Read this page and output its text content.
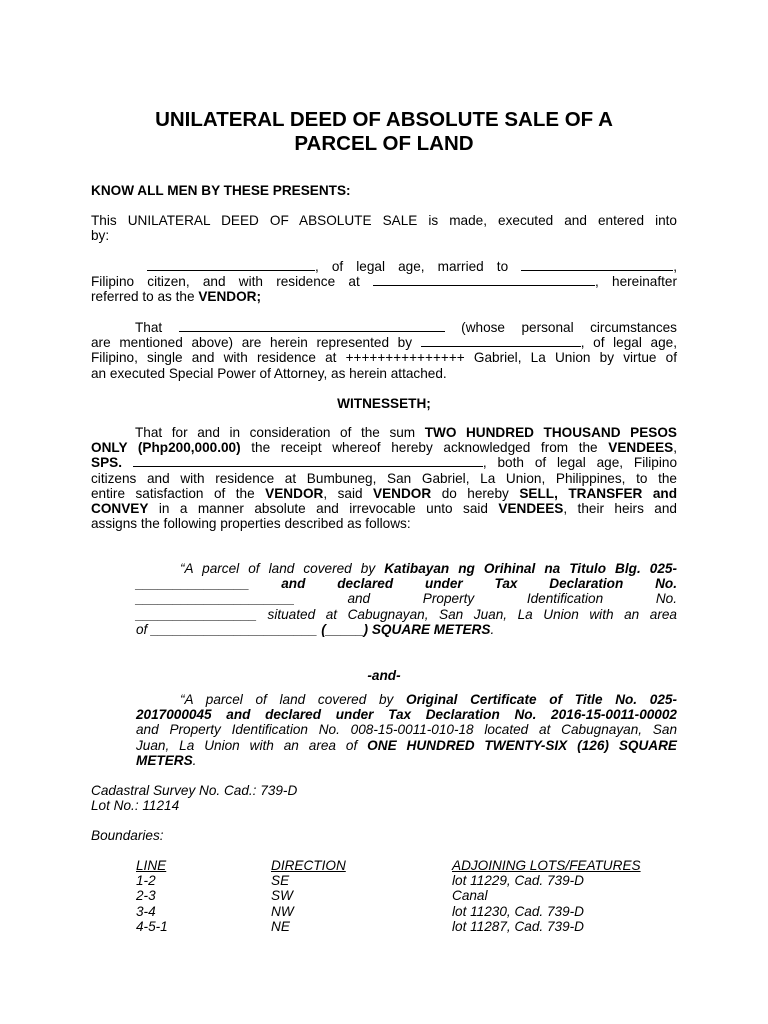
UNILATERAL DEED OF ABSOLUTE SALE OF A
PARCEL OF LAND
KNOW ALL MEN BY THESE PRESENTS:
This UNILATERAL DEED OF ABSOLUTE SALE is made, executed and entered into
by:
, of legal age, married to	,
Filipino citizen, and with residence at	, hereinafter
referred to as the VENDOR;
That	(whose personal circumstances
are mentioned above) are herein represented by	, of legal age,
Filipino, single and with residence at +++++++++++++++ Gabriel, La Union by virtue of
an executed Special Power of Attorney, as herein attached.
WITNESSETH;
That for and in consideration of the sum TWO HUNDRED THOUSAND PESOS
ONLY (Php200,000.00) the receipt whereof hereby acknowledged from the VENDEES,
SPS.	, both of legal age, Filipino
citizens and with residence at Bumbuneg, San Gabriel, La Union, Philippines, to the
entire satisfaction of the VENDOR, said VENDOR do hereby SELL, TRANSFER and
CONVEY in a manner absolute and irrevocable unto said VENDEES, their heirs and
assigns the following properties described as follows:
“A parcel of land covered by Katibayan ng Orihinal na Titulo Blg. 025-
_______________ and declared under Tax Declaration No.
_____________________	and Property Identification No.
________________ situated at Cabugnayan, San Juan, La Union with an area
of ______________________ (_____) SQUARE METERS.
-and-
“A parcel of land covered by Original Certificate of Title No. 025-
2017000045 and declared under Tax Declaration No. 2016-15-0011-00002
and Property Identification No. 008-15-0011-010-18 located at Cabugnayan, San
Juan, La Union with an area of ONE HUNDRED TWENTY-SIX (126) SQUARE
METERS.
Cadastral Survey No. Cad.: 739-D
Lot No.: 11214
Boundaries:
LINE	DIRECTION	ADJOINING LOTS/FEATURES
1-2	SE	lot 11229, Cad. 739-D
2-3	SW	Canal
3-4	NW	lot 11230, Cad. 739-D
4-5-1	NE	lot 11287, Cad. 739-D
